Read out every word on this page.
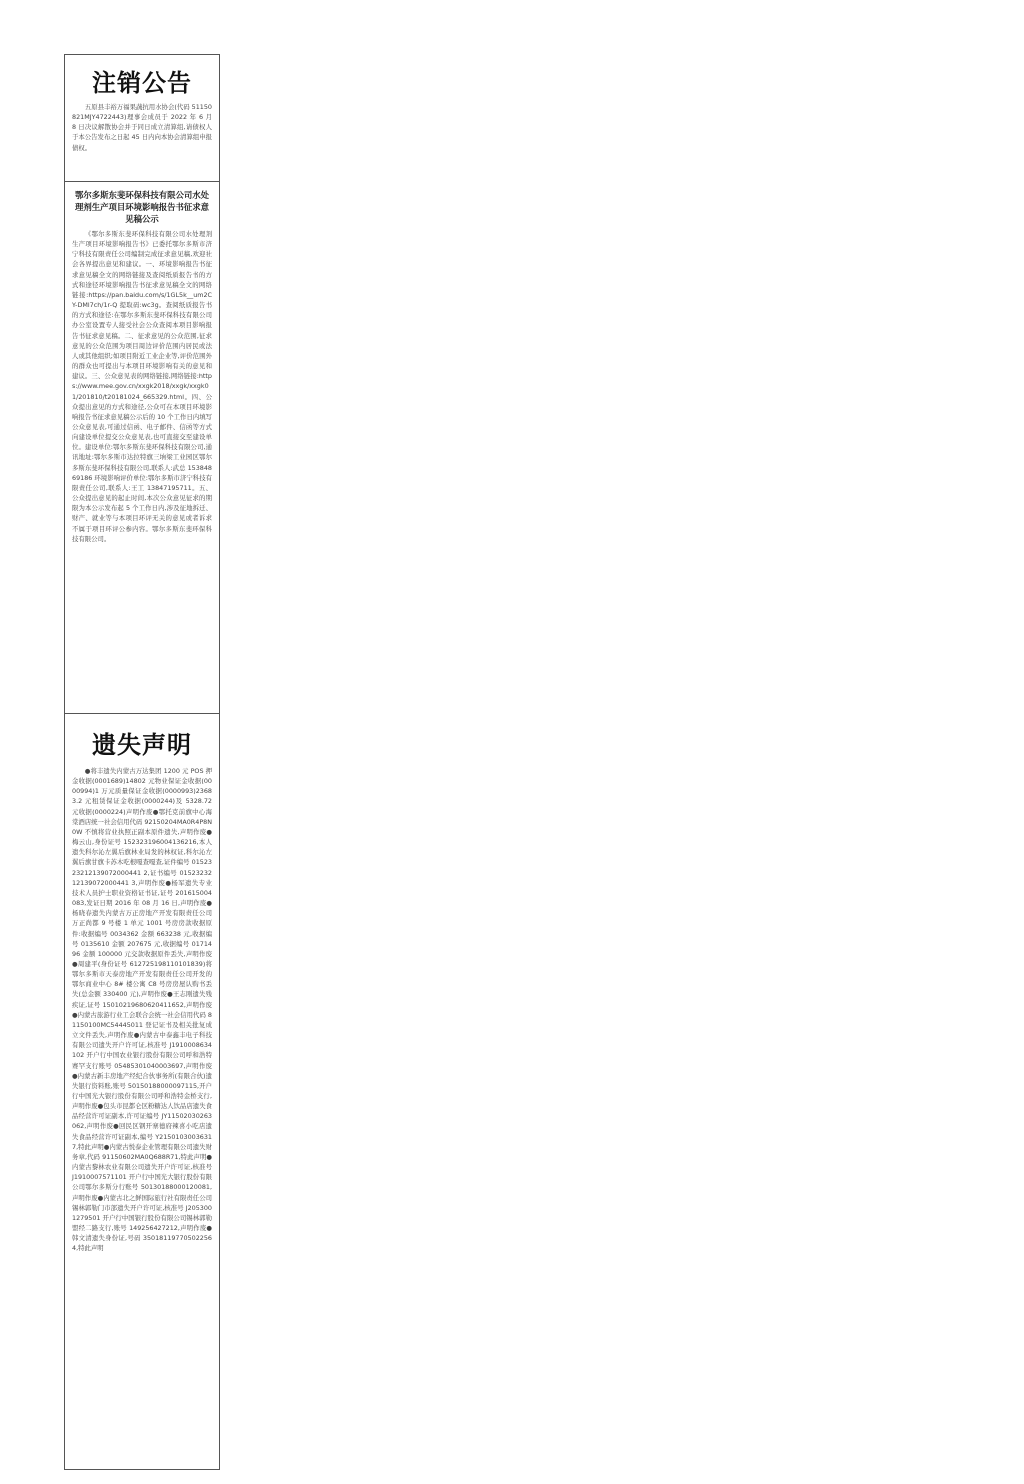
注销公告

五原县丰裕万福果蔬抗用水协会(代码 51150821MJY4722443)理事会成员于 2022 年 6 月 8 日决议解散协会并于同日成立清算组,请债权人于本公告发布之日起 45 日内向本协会清算组申报债权。

鄂尔多斯东斐环保科技有限公司水处理剂生产项目环境影响报告书征求意见稿公示

《鄂尔多斯东斐环保科技有限公司水处理剂生产项目环境影响报告书》已委托鄂尔多斯市济宁科技有限责任公司编制完成征求意见稿,欢迎社会各界提出意见和建议。一、环境影响报告书征求意见稿全文的网络链接及查阅纸质报告书的方式和途径环境影响报告书征求意见稿全文的网络链接:https://pan.baidu.com/s/1GL5k__um2CY-DMl7ch/1r-Q 提取码:wc3g。查阅纸质报告书的方式和途径:在鄂尔多斯东斐环保科技有限公司办公室设置专人接受社会公众查阅本项目影响报告书征求意见稿。二、征求意见的公众范围,征求意见的公众范围为项目周边评价范围内居民或法人或其他组织;如项目附近工业企业等,评价范围外的群众也可提出与本项目环境影响有关的意见和建议。三、公众意见表的网络链接,网络链接:https://www.mee.gov.cn/xxgk2018/xxgk/xxgk01/201810/t20181024_665329.html。四、公众提出意见的方式和途径,公众可在本项目环境影响报告书征求意见稿公示后的 10 个工作日内填写公众意见表,可通过信函、电子邮件、信函等方式向建设单位提交公众意见表,也可直接交至建设单位。建设单位:鄂尔多斯东斐环保科技有限公司,通讯地址:鄂尔多斯市达拉特旗三垧梁工业园区鄂尔多斯东斐环保科技有限公司,联系人:武总 15384869186 环境影响评价单位:鄂尔多斯市济宁科技有限责任公司,联系人:王工 13847195711。五、公众提出意见的起止时间,本次公众意见征求的期限为本公示发布起 5 个工作日内,涉及征地拆迁、财产、就业等与本项目环评无关的意见或者诉求不属于项目环评公参内容。鄂尔多斯东斐环保科技有限公司。

遗失声明

●将丰遗失内蒙古万达集团 1200 元 POS 押金收据(0001689)14802 元物业保证金收据(0000994)1 万元质量保证金收据(0000993)23683.2 元租赁保证金收据(0000244)及 5328.72 元收据(0000224)声明作废●鄂托克前旗中心海棠酒店统一社会信用代码 92150204MA0R4P8N0W 不慎将营业执照正副本原件遗失,声明作废●梅云山,身份证号 152323196004136216,本人遗失科尔沁左翼后旗林业局发的林权证,科尔沁左翼后旗甘旗卡苏木吃根嘎查嘎查,证件编号 0152323212139072000441 2,证书编号 0152323212139072000441 3,声明作废●杨军遗失专业技术人员护士职业资格证书证,证号 201615004083,发证日期 2016 年 08 月 16 日,声明作废●杨晓春遗失内蒙古万正房地产开发有限责任公司万正尚都 9 号楼 1 单元 1001 号房房款收据原件:收据编号 0034362 金额 663238 元,收据编号 0135610 金额 207675 元,收据编号 0171496 金额 100000 元交款收据原件丢失,声明作废●周建平(身份证号 612725198110101839)将鄂尔多斯市天泰房地产开发有限责任公司开发的鄂尔商业中心 8# 楼公寓 C8 号房房屋认购书丢失(总金额 330400 元),声明作废●王志刚遗失残疾证,证号 15010219680620411652,声明作废●内蒙古旅游行业工会联合会统一社会信用代码 81150100MC54445011 登记证书及相关批复成立文件丢失,声明作废●内蒙古中泰鑫丰电子科技有限公司遗失开户许可证,核准号 J1910008634102 开户行中国农业银行股份有限公司呼和浩特赛罕支行账号 05485301040003697,声明作废●内蒙古新丰房地产经纪合伙事务所(有限合伙)遗失银行资料账,账号 50150188000097115,开户行中国光大银行股份有限公司呼和浩特金桥支行,声明作废●包头市昆都仑区粉糖达人饮品店遗失食品经营许可证副本,许可证编号 JY11502030263062,声明作废●回民区钢开寨德府辣喜小吃店遗失食品经营许可证副本,编号 Y21501030036317,特此声明●内蒙古悦泰企业管理有限公司遗失财务章,代码 91150602MA0Q688R71,特此声明●内蒙古黎林农业有限公司遗失开户许可证,核准号 J1910007571101 开户行中国光大银行股份有限公司鄂尔多斯分行账号 50130188000120081,声明作废●内蒙古北之鲜国际旅行社有限责任公司锡林郭勒门市部遗失开户许可证,核准号 J2053001279501 开户行中国银行股份有限公司锡林郭勒盟经二路支行,账号 149256427212,声明作废●韩文清遗失身份证,号码 350181197705022564,特此声明
